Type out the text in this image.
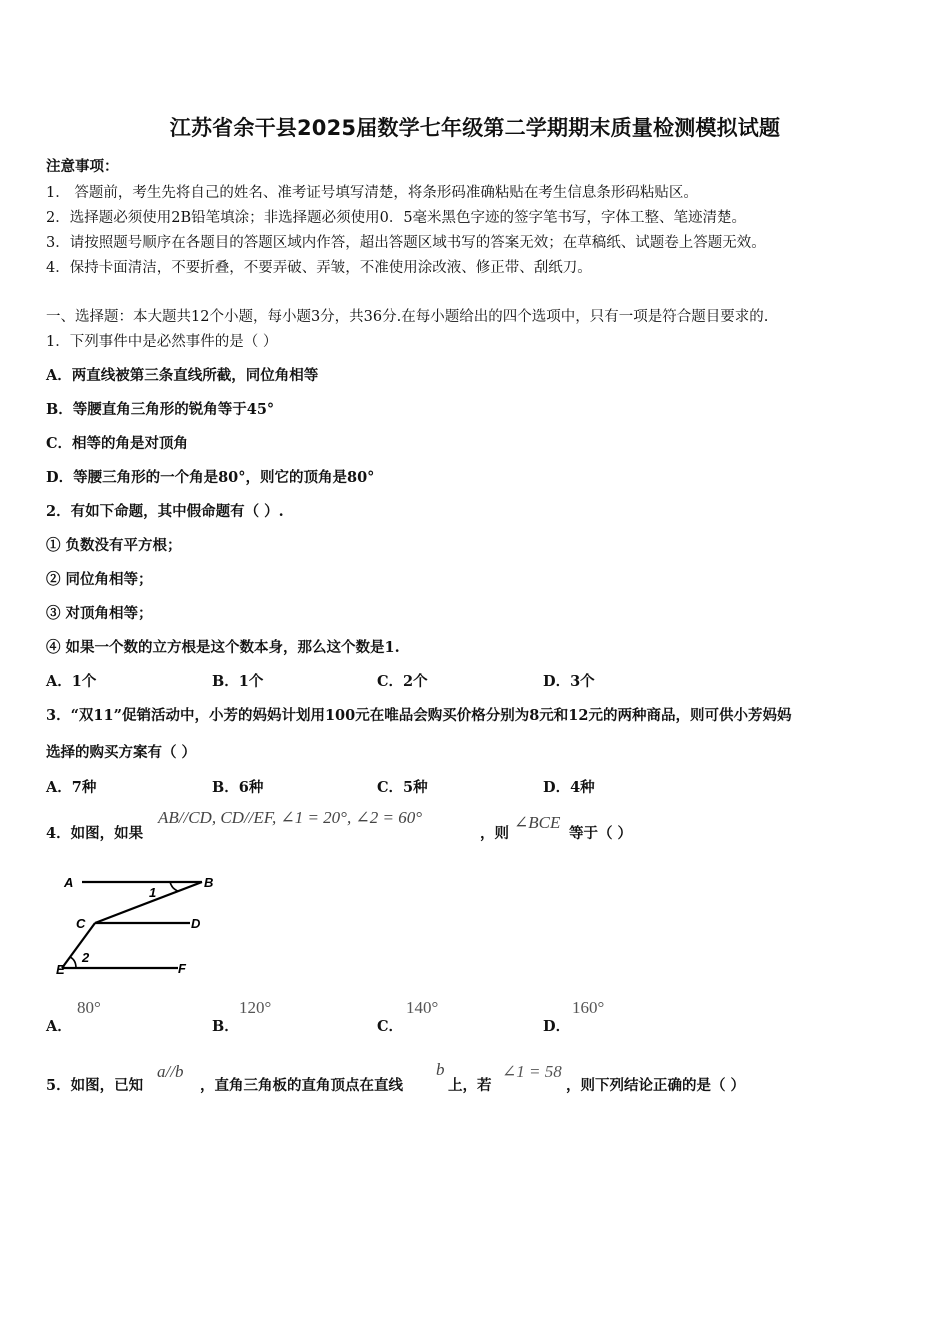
江苏省余干县2025届数学七年级第二学期期末质量检测模拟试题
注意事项：
1． 答题前，考生先将自己的姓名、准考证号填写清楚，将条形码准确粘贴在考生信息条形码粘贴区。
2．选择题必须使用2B铅笔填涂；非选择题必须使用0．5毫米黑色字迹的签字笔书写，字体工整、笔迹清楚。
3．请按照题号顺序在各题目的答题区域内作答，超出答题区域书写的答案无效；在草稿纸、试题卷上答题无效。
4．保持卡面清洁，不要折叠，不要弄破、弄皱，不准使用涂改液、修正带、刮纸刀。
一、选择题：本大题共12个小题，每小题3分，共36分.在每小题给出的四个选项中，只有一项是符合题目要求的.
1．下列事件中是必然事件的是（ ）
A．两直线被第三条直线所截，同位角相等
B．等腰直角三角形的锐角等于45°
C．相等的角是对顶角
D．等腰三角形的一个角是80°，则它的顶角是80°
2．有如下命题，其中假命题有（ ）.
① 负数没有平方根；
② 同位角相等；
③ 对顶角相等；
④ 如果一个数的立方根是这个数本身，那么这个数是1.
A．1个	B．1个	C．2个	D．3个
3．“双11”促销活动中，小芳的妈妈计划用100元在唯品会购买价格分别为8元和12元的两种商品，则可供小芳妈妈
选择的购买方案有（ ）
A．7种	B．6种	C．5种	D．4种
4．如图，如果
AB//CD, CD//EF, ∠1 = 20°, ∠2 = 60°
，则
∠BCE
等于（ ）
A	B
1
C	D
2
E	F
A．
80°
B．
120°
C．
140°
D．
160°
5．如图，已知
a//b
，直角三角板的直角顶点在直线
b
上，若
∠1 = 58
，则下列结论正确的是（ ）
